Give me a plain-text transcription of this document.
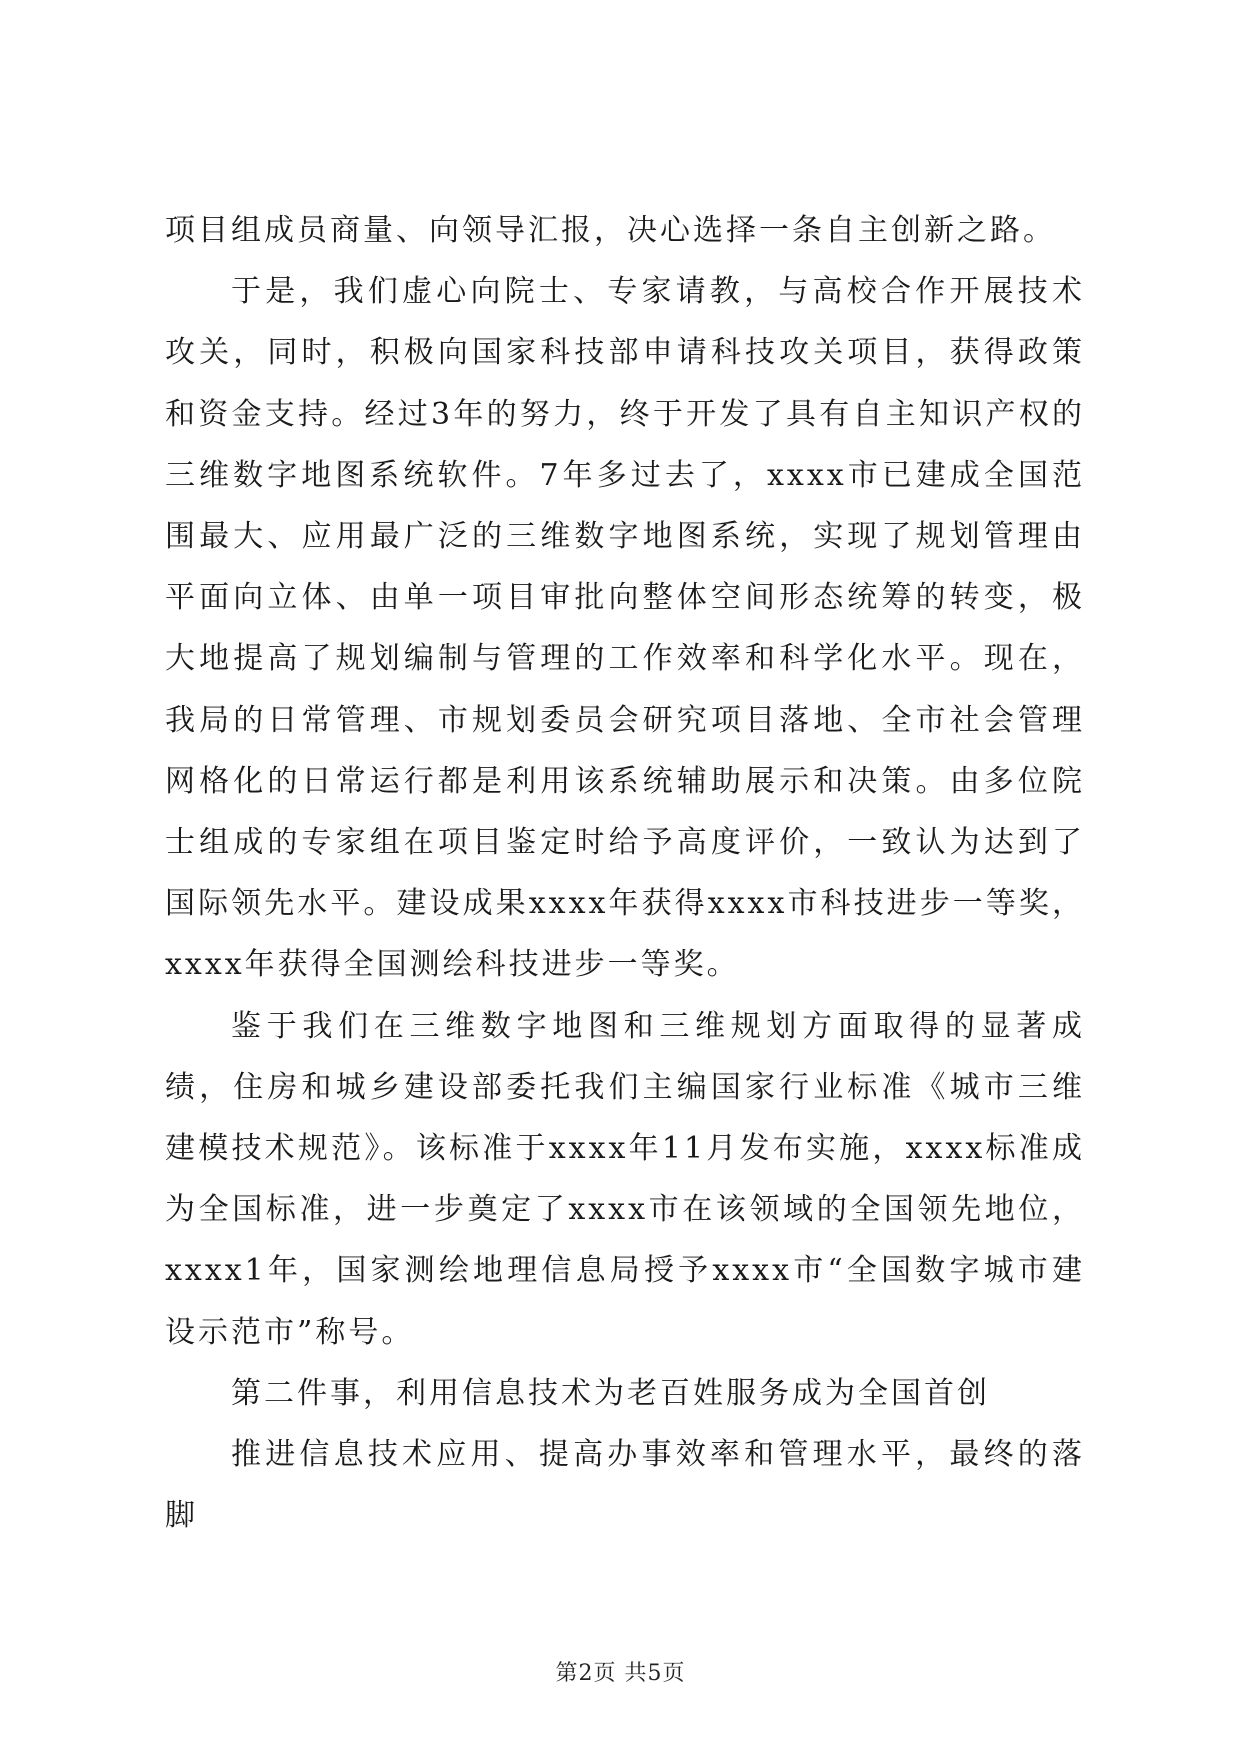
项目组成员商量、向领导汇报，决心选择一条自主创新之路。

于是，我们虚心向院士、专家请教，与高校合作开展技术攻关，同时，积极向国家科技部申请科技攻关项目，获得政策和资金支持。经过3年的努力，终于开发了具有自主知识产权的三维数字地图系统软件。7年多过去了，xxxx市已建成全国范围最大、应用最广泛的三维数字地图系统，实现了规划管理由平面向立体、由单一项目审批向整体空间形态统筹的转变，极大地提高了规划编制与管理的工作效率和科学化水平。现在，我局的日常管理、市规划委员会研究项目落地、全市社会管理网格化的日常运行都是利用该系统辅助展示和决策。由多位院士组成的专家组在项目鉴定时给予高度评价，一致认为达到了国际领先水平。建设成果xxxx年获得xxxx市科技进步一等奖，xxxx年获得全国测绘科技进步一等奖。

鉴于我们在三维数字地图和三维规划方面取得的显著成绩，住房和城乡建设部委托我们主编国家行业标准《城市三维建模技术规范》。该标准于xxxx年11月发布实施，xxxx标准成为全国标准，进一步奠定了xxxx市在该领域的全国领先地位，xxxx1年，国家测绘地理信息局授予xxxx市“全国数字城市建设示范市”称号。

第二件事，利用信息技术为老百姓服务成为全国首创

推进信息技术应用、提高办事效率和管理水平，最终的落脚

第2页 共5页
